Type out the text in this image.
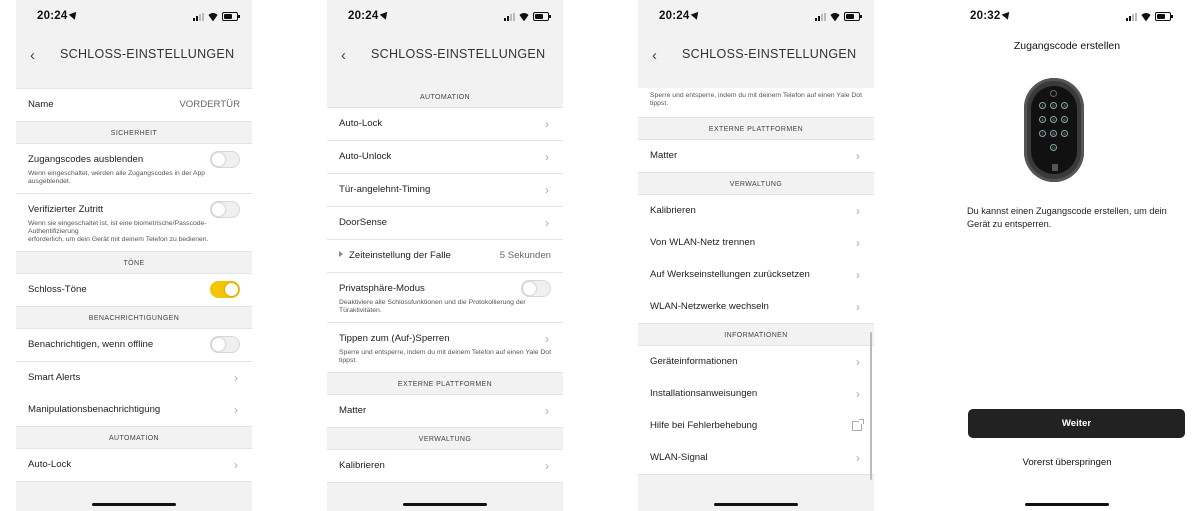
20:24
‹ SCHLOSS-EINSTELLUNGEN
Name	VORDERTÜR
SICHERHEIT
Zugangscodes ausblenden
Wenn eingeschaltet, werden alle Zugangscodes in der App ausgeblendet.
Verifizierter Zutritt
Wenn sie eingeschaltet ist, ist eine biometrische/Passcode-Authentifizierung
erforderlich, um dein Gerät mit deinem Telefon zu bedienen.
TÖNE
Schloss-Töne
BENACHRICHTIGUNGEN
Benachrichtigen, wenn offline
Smart Alerts	›
Manipulationsbenachrichtigung	›
AUTOMATION
Auto-Lock	›
20:24
‹ SCHLOSS-EINSTELLUNGEN
AUTOMATION
Auto-Lock	›
Auto-Unlock	›
Tür-angelehnt-Timing	›
DoorSense	›
Zeiteinstellung der Falle	5 Sekunden
Privatsphäre-Modus
Deaktiviere alle Schlossfunktionen und die Protokollierung der Türaktivitäten.
Tippen zum (Auf-)Sperren	›
Sperre und entsperre, indem du mit deinem Telefon auf einen Yale Dot tippst.
EXTERNE PLATTFORMEN
Matter	›
VERWALTUNG
Kalibrieren	›
20:24
‹ SCHLOSS-EINSTELLUNGEN
Sperre und entsperre, indem du mit deinem Telefon auf einen Yale Dot tippst.
EXTERNE PLATTFORMEN
Matter	›
VERWALTUNG
Kalibrieren	›
Von WLAN-Netz trennen	›
Auf Werkseinstellungen zurücksetzen	›
WLAN-Netzwerke wechseln	›
INFORMATIONEN
Geräteinformationen	›
Installationsanweisungen	›
Hilfe bei Fehlerbehebung
WLAN-Signal	›
20:32
Zugangscode erstellen
1	2	3
4	5	6
7	8	9
0
Du kannst einen Zugangscode erstellen, um dein Gerät zu entsperren.
Weiter
Vorerst überspringen
